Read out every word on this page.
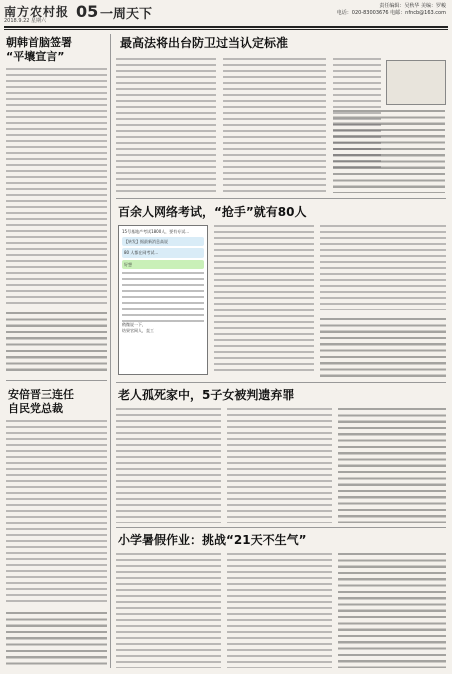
南方农村报
2018.9.22 星期六 05 一周天下
责任编辑：吴秋华 美编：罗峻
电话：020-83003676 电邮：nfncb@163.com
朝韩首脑签署
“平壤宣言”
安倍晋三连任
自民党总裁
最高法将出台防卫过当认定标准
百余人网络考试，“抢手”就有80人
15号基地产考试1800人，要有专试...
【转发】据最新消息高说
80 人都在网考试...
好想
稍微说一下，
结果官网人，直工
老人孤死家中，5子女被判遗弃罪
小学暑假作业：挑战“21天不生气”
